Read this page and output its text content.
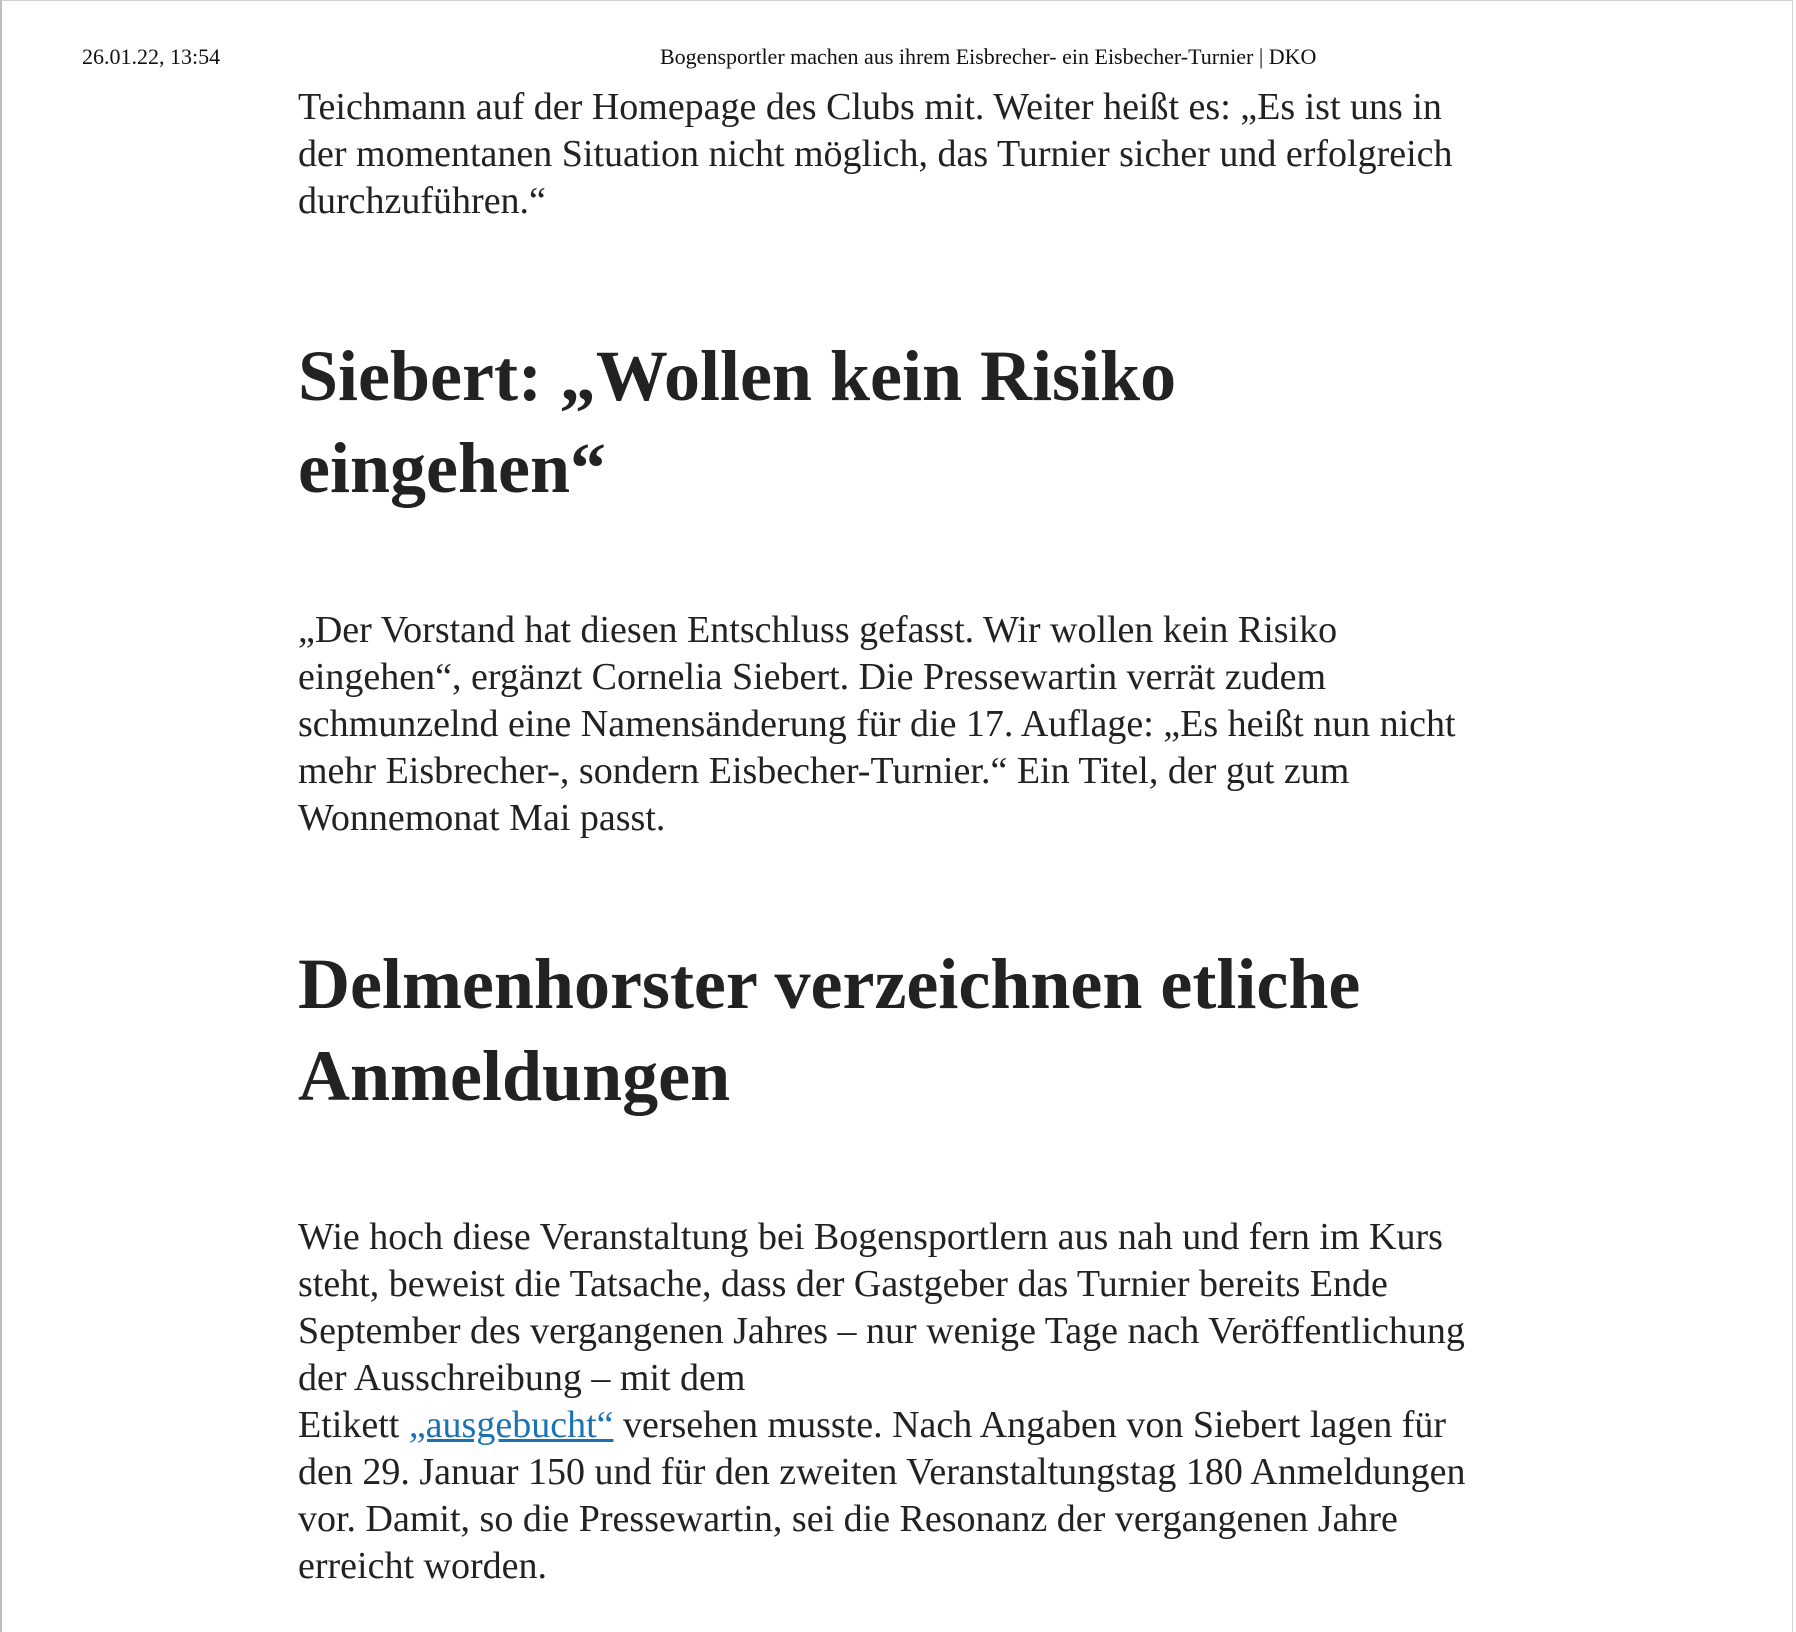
26.01.22, 13:54	Bogensportler machen aus ihrem Eisbrecher- ein Eisbecher-Turnier | DKO

Teichmann auf der Homepage des Clubs mit. Weiter heißt es: „Es ist uns in der momentanen Situation nicht möglich, das Turnier sicher und erfolgreich durchzuführen.“

Siebert: „Wollen kein Risiko eingehen“

„Der Vorstand hat diesen Entschluss gefasst. Wir wollen kein Risiko eingehen“, ergänzt Cornelia Siebert. Die Pressewartin verrät zudem schmunzelnd eine Namensänderung für die 17. Auflage: „Es heißt nun nicht mehr Eisbrecher-, sondern Eisbecher-Turnier.“ Ein Titel, der gut zum Wonnemonat Mai passt.

Delmenhorster verzeichnen etliche Anmeldungen

Wie hoch diese Veranstaltung bei Bogensportlern aus nah und fern im Kurs steht, beweist die Tatsache, dass der Gastgeber das Turnier bereits Ende September des vergangenen Jahres – nur wenige Tage nach Veröffentlichung der Ausschreibung – mit dem
Etikett „ausgebucht“ versehen musste. Nach Angaben von Siebert lagen für den 29. Januar 150 und für den zweiten Veranstaltungstag 180 Anmeldungen vor. Damit, so die Pressewartin, sei die Resonanz der vergangenen Jahre erreicht worden.
